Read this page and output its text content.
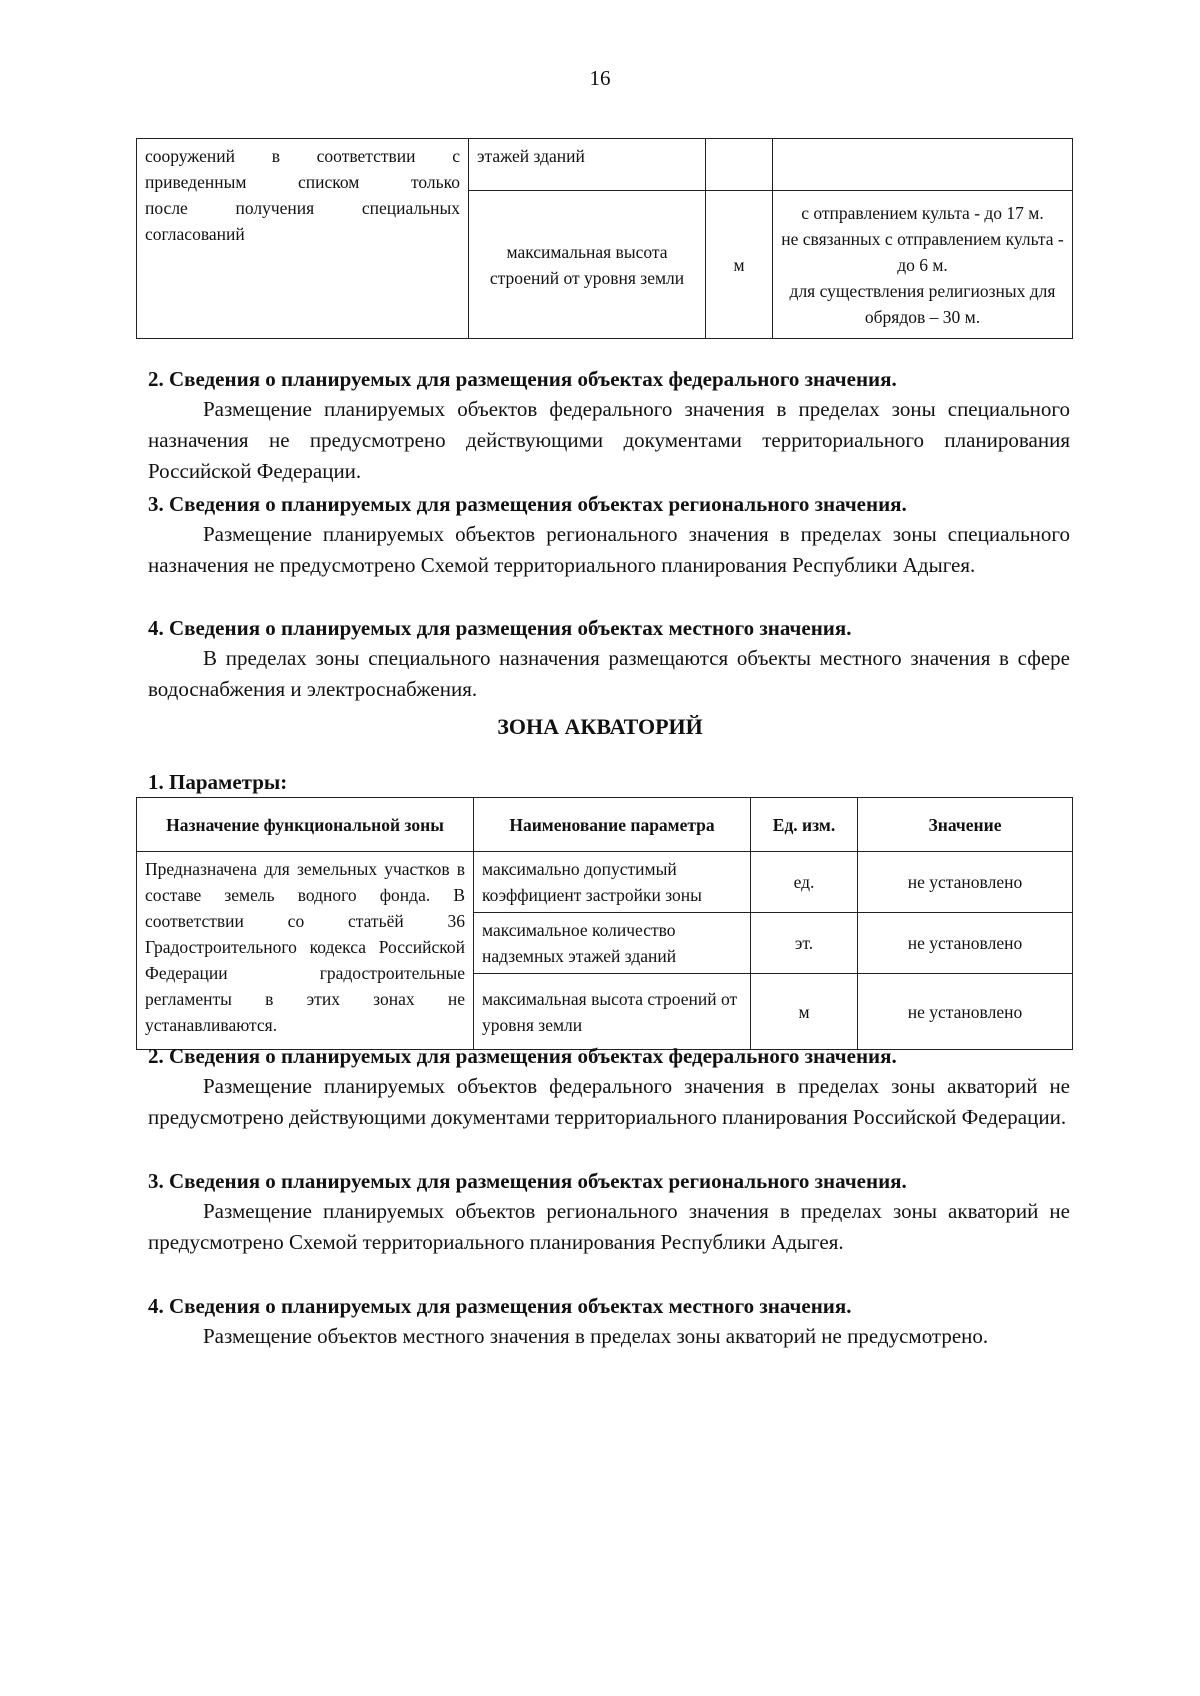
16
сооружений в соответствии с
приведенным списком только
после получения специальных
согласований	этажей зданий		
	максимальная высота строений от уровня земли	м	с отправлением культа - до 17 м.
не связанных с отправлением культа - до 6 м.
для существления религиозных для обрядов – 30 м.
2. Сведения о планируемых для размещения объектах федерального значения.
Размещение планируемых объектов федерального значения в пределах зоны специального назначения не предусмотрено действующими документами территориального планирования Российской Федерации.
3. Сведения о планируемых для размещения объектах регионального значения.
Размещение планируемых объектов регионального значения в пределах зоны специального назначения не предусмотрено Схемой территориального планирования Республики Адыгея.
4. Сведения о планируемых для размещения объектах местного значения.
В пределах зоны специального назначения размещаются объекты местного значения в сфере водоснабжения и электроснабжения.
ЗОНА АКВАТОРИЙ
1. Параметры:
Назначение функциональной зоны	Наименование параметра	Ед. изм.	Значение
Предназначена для земельных участков в составе земель водного фонда. В соответствии со статьёй 36 Градостроительного кодекса Российской Федерации градостроительные регламенты в этих зонах не устанавливаются.	максимально допустимый коэффициент застройки зоны	ед.	не установлено
	максимальное количество надземных этажей зданий	эт.	не установлено
	максимальная высота строений от уровня земли	м	не установлено
2. Сведения о планируемых для размещения объектах федерального значения.
Размещение планируемых объектов федерального значения в пределах зоны акваторий не предусмотрено действующими документами территориального планирования Российской Федерации.
3. Сведения о планируемых для размещения объектах регионального значения.
Размещение планируемых объектов регионального значения в пределах зоны акваторий не предусмотрено Схемой территориального планирования Республики Адыгея.
4. Сведения о планируемых для размещения объектах местного значения.
Размещение объектов местного значения в пределах зоны акваторий не предусмотрено.
